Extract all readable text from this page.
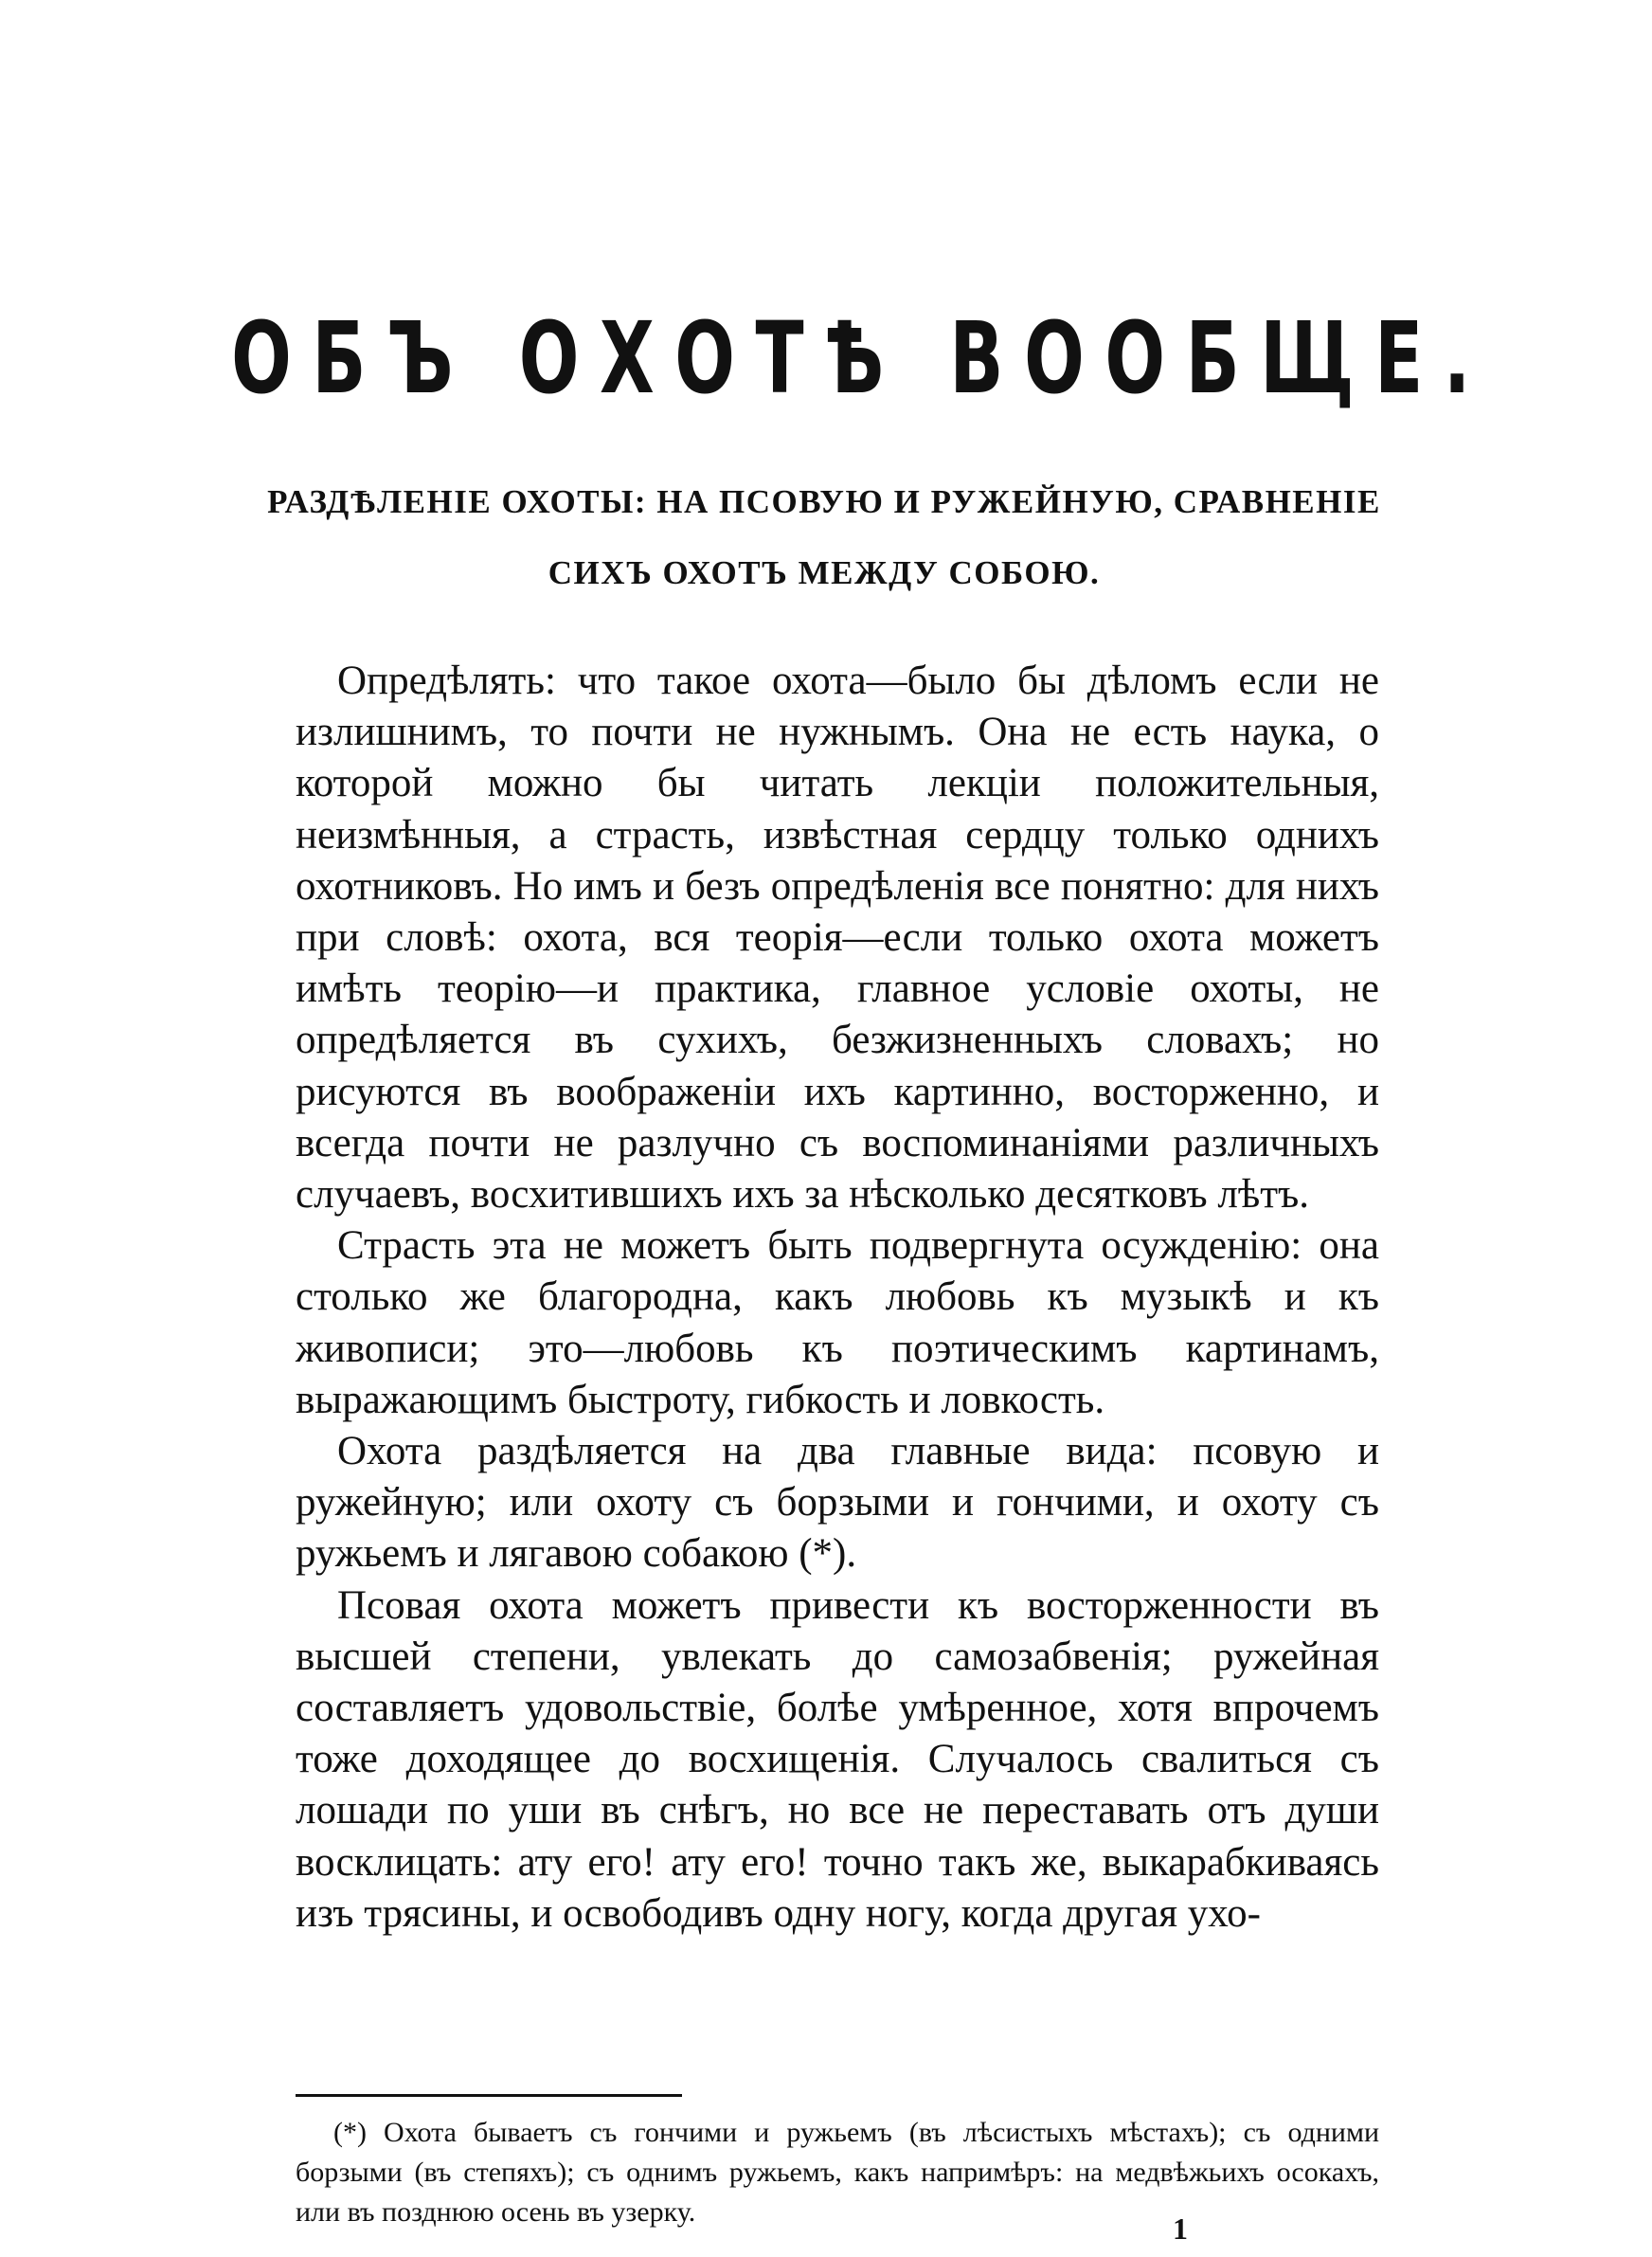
ОБЪ ОХОТѢ ВООБЩЕ.
РАЗДѢЛЕНІЕ ОХОТЫ: НА ПСОВУЮ И РУЖЕЙНУЮ, СРАВНЕНІЕ
СИХЪ ОХОТЪ МЕЖДУ СОБОЮ.

Опредѣлять: что такое охота—было бы дѣломъ если не излишнимъ, то почти не нужнымъ. Она не есть наука, о которой можно бы читать лекціи положительныя, неизмѣнныя, а страсть, извѣстная сердцу только однихъ охотниковъ. Но имъ и безъ опредѣленія все понятно: для нихъ при словѣ: охота, вся теорія—если только охота можетъ имѣть теорію—и практика, главное условіе охоты, не опредѣляется въ сухихъ, безжизненныхъ словахъ; но рисуются въ воображеніи ихъ картинно, восторженно, и всегда почти не разлучно съ воспоминаніями различныхъ случаевъ, восхитившихъ ихъ за нѣсколько десятковъ лѣтъ.

Страсть эта не можетъ быть подвергнута осужденію: она столько же благородна, какъ любовь къ музыкѣ и къ живописи; это—любовь къ поэтическимъ картинамъ, выражающимъ быстроту, гибкость и ловкость.

Охота раздѣляется на два главные вида: псовую и ружейную; или охоту съ борзыми и гончими, и охоту съ ружьемъ и лягавою собакою (*).

Псовая охота можетъ привести къ восторженности въ высшей степени, увлекать до самозабвенія; ружейная составляетъ удовольствіе, болѣе умѣренное, хотя впрочемъ тоже доходящее до восхищенія. Случалось свалиться съ лошади по уши въ снѣгъ, но все не переставать отъ души восклицать: ату его! ату его! точно такъ же, выкарабкиваясь изъ трясины, и освободивъ одну ногу, когда другая ухо-

(*) Охота бываетъ съ гончими и ружьемъ (въ лѣсистыхъ мѣстахъ); съ одними борзыми (въ степяхъ); съ однимъ ружьемъ, какъ напримѣръ: на медвѣжьихъ осокахъ, или въ позднюю осень въ узерку.	1
